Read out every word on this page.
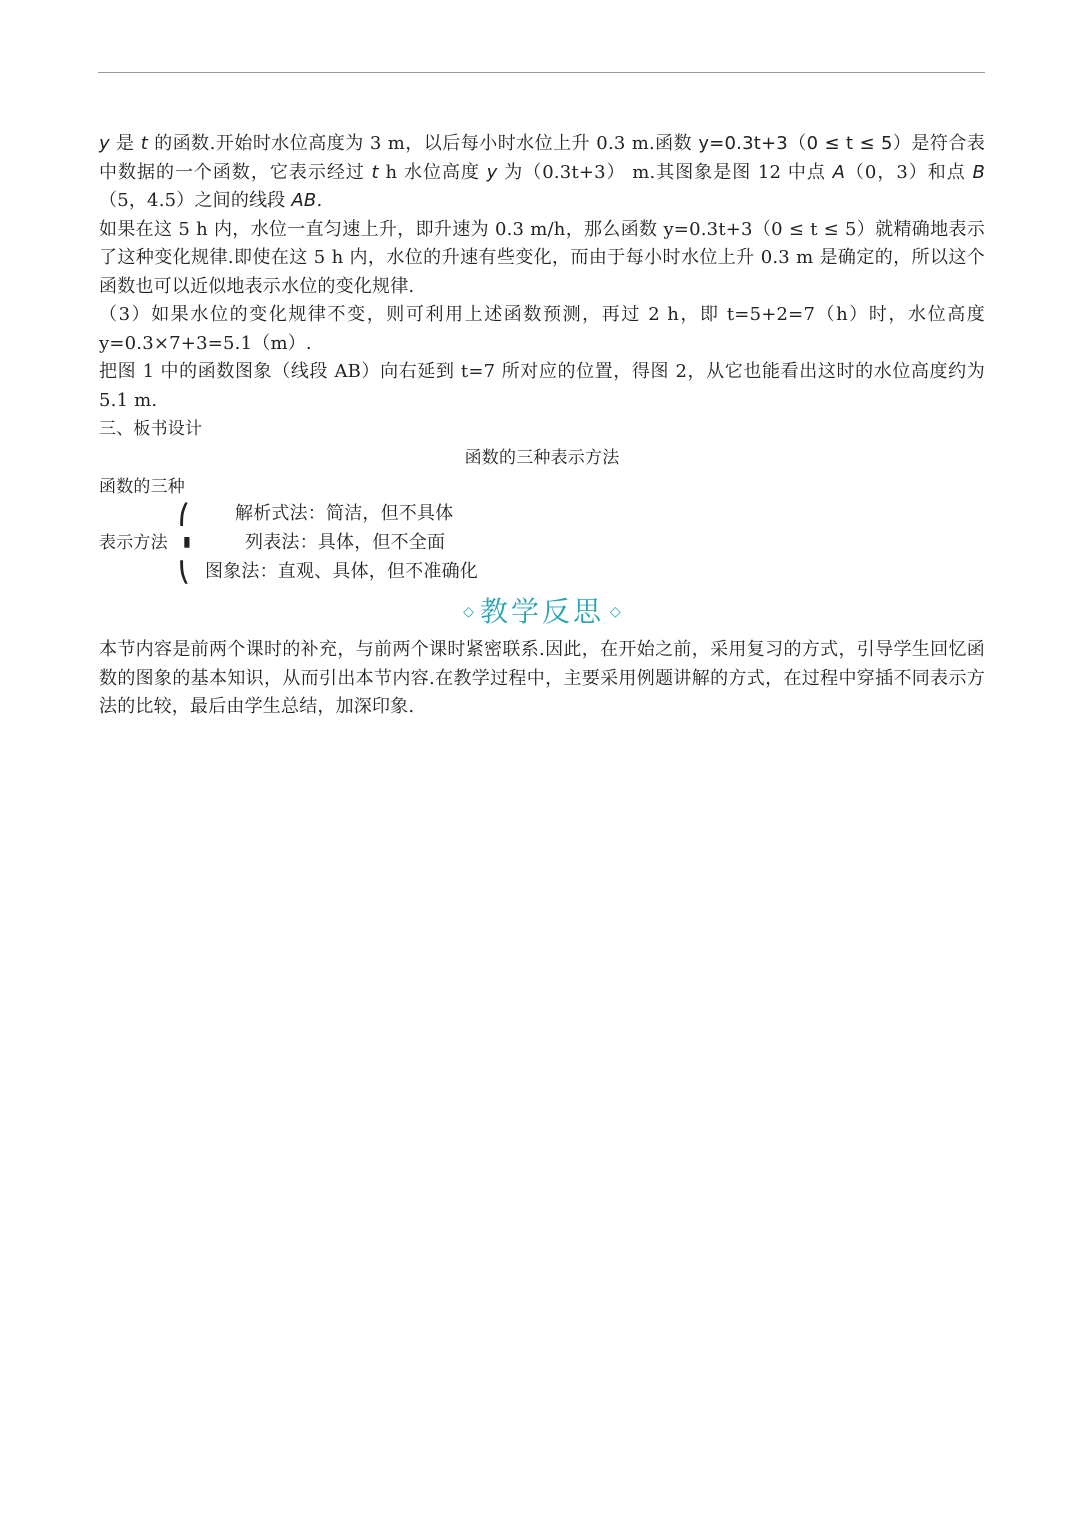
y 是 t 的函数.开始时水位高度为 3 m，以后每小时水位上升 0.3 m.函数 y=0.3t+3（0 ≤ t ≤ 5）是符合表中数据的一个函数，它表示经过 t h 水位高度 y 为（0.3t+3） m.其图象是图 12 中点 A（0，3）和点 B（5，4.5）之间的线段 AB.

如果在这 5 h 内，水位一直匀速上升，即升速为 0.3 m/h，那么函数 y=0.3t+3（0 ≤ t ≤ 5）就精确地表示了这种变化规律.即使在这 5 h 内，水位的升速有些变化，而由于每小时水位上升 0.3 m 是确定的，所以这个函数也可以近似地表示水位的变化规律.

（3）如果水位的变化规律不变，则可利用上述函数预测，再过 2 h，即 t=5+2=7（h）时，水位高度 y=0.3×7+3=5.1（m）.

把图 1 中的函数图象（线段 AB）向右延到 t=7 所对应的位置，得图 2，从它也能看出这时的水位高度约为 5.1 m.

三、板书设计

函数的三种表示方法
函数的三种
表示方法
⎛
▮
⎝
解析式法：简洁，但不具体
列表法：具体，但不全面
图象法：直观、具体，但不准确化
◇ 教学反思 ◇

本节内容是前两个课时的补充，与前两个课时紧密联系.因此，在开始之前，采用复习的方式，引导学生回忆函数的图象的基本知识，从而引出本节内容.在教学过程中，主要采用例题讲解的方式，在过程中穿插不同表示方法的比较，最后由学生总结，加深印象.
